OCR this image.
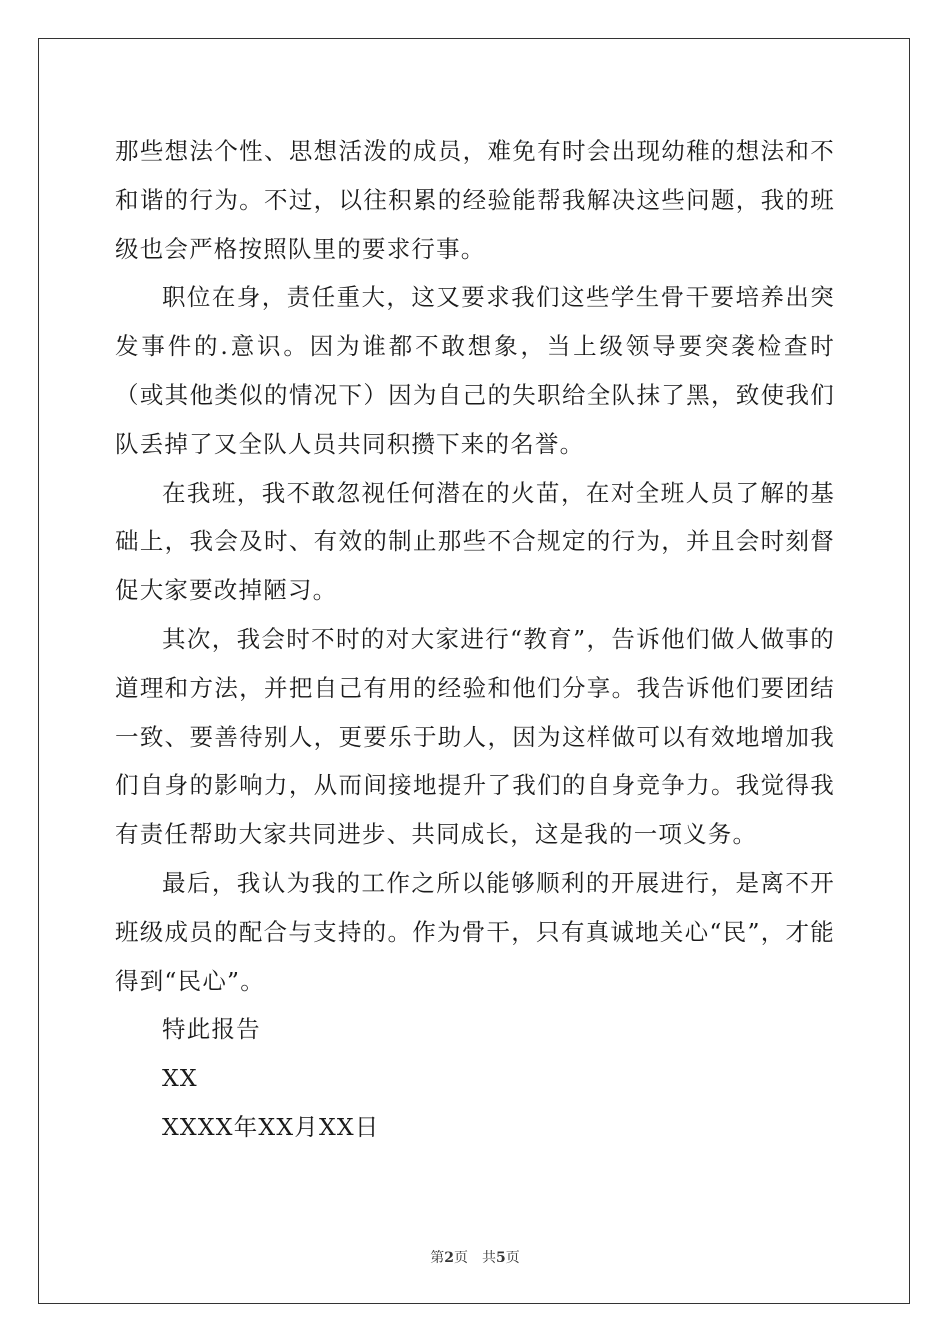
那些想法个性、思想活泼的成员，难免有时会出现幼稚的想法和不和谐的行为。不过，以往积累的经验能帮我解决这些问题，我的班级也会严格按照队里的要求行事。

职位在身，责任重大，这又要求我们这些学生骨干要培养出突发事件的.意识。因为谁都不敢想象，当上级领导要突袭检查时（或其他类似的情况下）因为自己的失职给全队抹了黑，致使我们队丢掉了又全队人员共同积攒下来的名誉。

在我班，我不敢忽视任何潜在的火苗，在对全班人员了解的基础上，我会及时、有效的制止那些不合规定的行为，并且会时刻督促大家要改掉陋习。

其次，我会时不时的对大家进行“教育”，告诉他们做人做事的道理和方法，并把自己有用的经验和他们分享。我告诉他们要团结一致、要善待别人，更要乐于助人，因为这样做可以有效地增加我们自身的影响力，从而间接地提升了我们的自身竞争力。我觉得我有责任帮助大家共同进步、共同成长，这是我的一项义务。

最后，我认为我的工作之所以能够顺利的开展进行，是离不开班级成员的配合与支持的。作为骨干，只有真诚地关心“民”，才能得到“民心”。

特此报告

XX

XXXX年XX月XX日

第2页　共5页
